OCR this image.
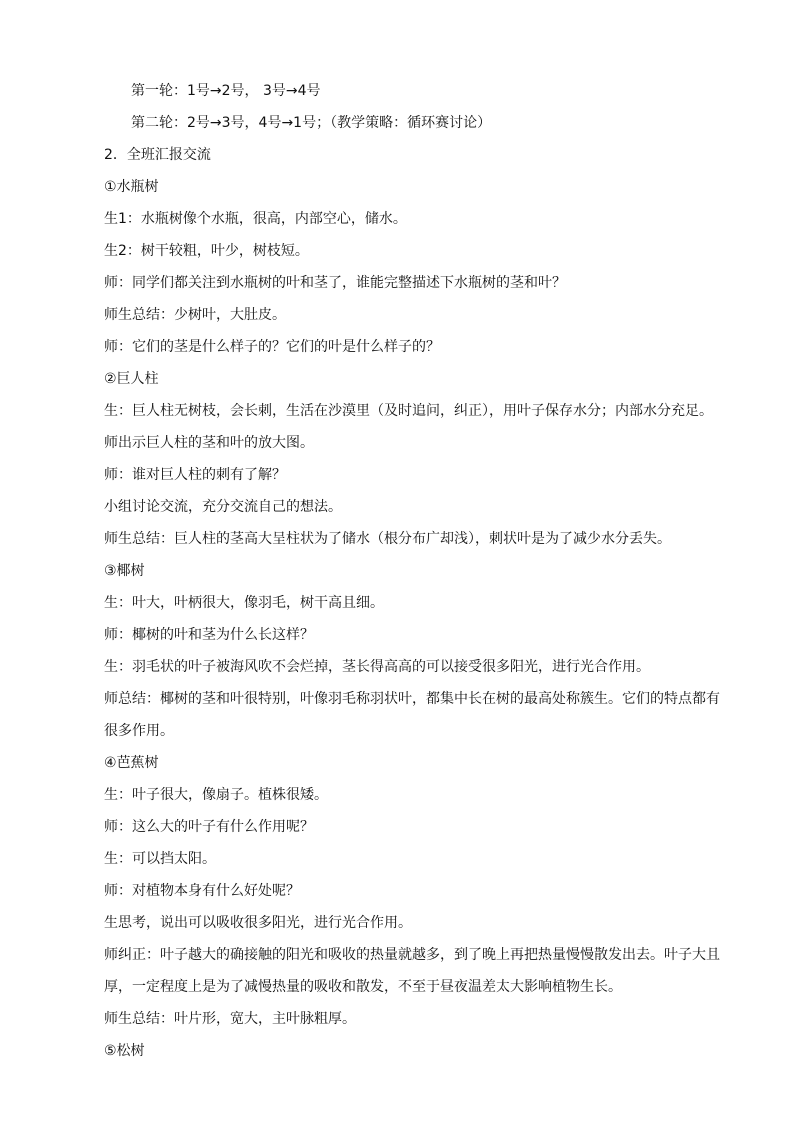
第一轮：1号→2号， 3号→4号
第二轮：2号→3号，4号→1号；（教学策略：循环赛讨论）
2．全班汇报交流
①水瓶树
生1：水瓶树像个水瓶，很高，内部空心，储水。
生2：树干较粗，叶少，树枝短。
师：同学们都关注到水瓶树的叶和茎了，谁能完整描述下水瓶树的茎和叶？
师生总结：少树叶，大肚皮。
师：它们的茎是什么样子的？它们的叶是什么样子的？
②巨人柱
生：巨人柱无树枝，会长刺，生活在沙漠里（及时追问，纠正），用叶子保存水分；内部水分充足。师出示巨人柱的茎和叶的放大图。
师：谁对巨人柱的刺有了解？
小组讨论交流，充分交流自己的想法。
师生总结：巨人柱的茎高大呈柱状为了储水（根分布广却浅），刺状叶是为了减少水分丢失。
③椰树
生：叶大，叶柄很大，像羽毛，树干高且细。
师：椰树的叶和茎为什么长这样？
生：羽毛状的叶子被海风吹不会烂掉，茎长得高高的可以接受很多阳光，进行光合作用。
师总结：椰树的茎和叶很特别，叶像羽毛称羽状叶，都集中长在树的最高处称簇生。它们的特点都有很多作用。
④芭蕉树
生：叶子很大，像扇子。植株很矮。
师：这么大的叶子有什么作用呢？
生：可以挡太阳。
师：对植物本身有什么好处呢？
生思考，说出可以吸收很多阳光，进行光合作用。
师纠正：叶子越大的确接触的阳光和吸收的热量就越多，到了晚上再把热量慢慢散发出去。叶子大且厚，一定程度上是为了减慢热量的吸收和散发，不至于昼夜温差太大影响植物生长。
师生总结：叶片形，宽大，主叶脉粗厚。
⑤松树
